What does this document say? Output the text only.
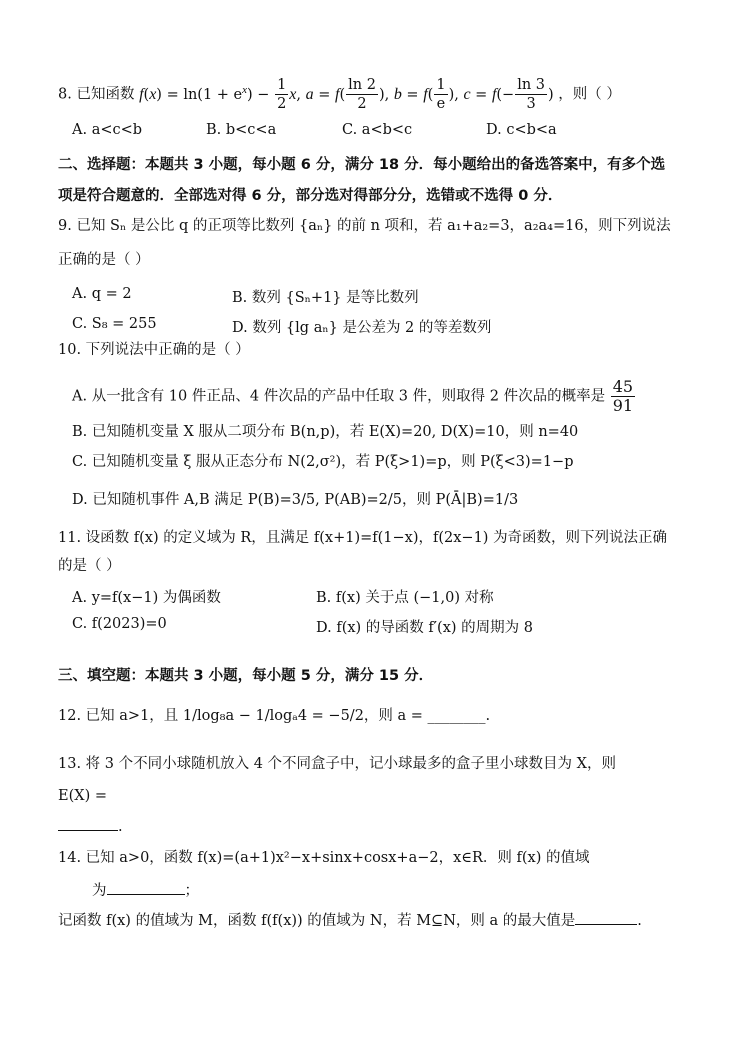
8. 已知函数 $f(x) = \ln(1 + e^x) - \frac{1}{2} x$, $a = f( \frac{\ln 2}{2}$ ), $b = f( \frac{1}{e}$ ), $c = f(- \frac{\ln 3}{3}$ ) ，则（ ）
A. a<c<b	B. b<c<a	C. a<b<c	D. c<b<a
二、选择题：本题共 3 小题，每小题 6 分，满分 18 分．每小题给出的备选答案中，有多个选
项是符合题意的．全部选对得 6 分，部分选对得部分分，选错或不选得 0 分．
9. 已知 Sₙ 是公比 q 的正项等比数列 {aₙ} 的前 n 项和，若 a₁+a₂=3，a₂a₄=16，则下列说法
正确的是（ ）
A. q = 2	B. 数列 {Sₙ+1} 是等比数列
C. S₈ = 255	D. 数列 {lg aₙ} 是公差为 2 的等差数列
10. 下列说法中正确的是（ ）
A. 从一批含有 10 件正品、4 件次品的产品中任取 3 件，则取得 2 件次品的概率是 $\frac{45}{91}$
B. 已知随机变量 X 服从二项分布 B(n,p)，若 E(X)=20, D(X)=10，则 n=40
C. 已知随机变量 ξ 服从正态分布 N(2,σ²)，若 P(ξ>1)=p，则 P(ξ<3)=1−p
D. 已知随机事件 A,B 满足 P(B)=3/5, P(AB)=2/5，则 P(Ā|B)=1/3
11. 设函数 f(x) 的定义域为 R，且满足 f(x+1)=f(1−x)，f(2x−1) 为奇函数，则下列说法正确
的是（ ）
A. y=f(x−1) 为偶函数	B. f(x) 关于点 (−1,0) 对称
C. f(2023)=0	D. f(x) 的导函数 f′(x) 的周期为 8
三、填空题：本题共 3 小题，每小题 5 分，满分 15 分．
12. 已知 a>1，且 1/log₈a − 1/logₐ4 = −5/2，则 a = ________.
13. 将 3 个不同小球随机放入 4 个不同盒子中，记小球最多的盒子里小球数目为 X，则
E(X) =
.
14. 已知 a>0，函数 f(x)=(a+1)x²−x+sinx+cosx+a−2，x∈R．则 f(x) 的值域
为	；
记函数 f(x) 的值域为 M，函数 f(f(x)) 的值域为 N，若 M⊆N，则 a 的最大值是	.
